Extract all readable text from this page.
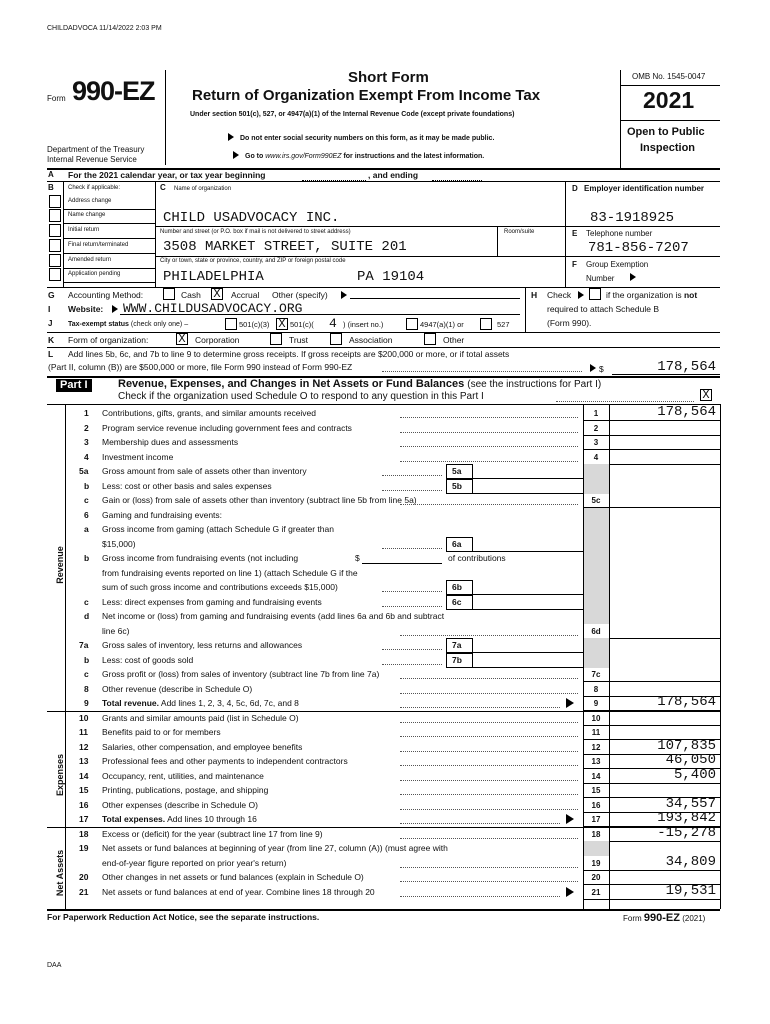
CHILDADVOCA 11/14/2022 2:03 PM
Form 990-EZ	Short Form
Return of Organization Exempt From Income Tax
Under section 501(c), 527, or 4947(a)(1) of the Internal Revenue Code (except private foundations)
Do not enter social security numbers on this form, as it may be made public.
Go to www.irs.gov/Form990EZ for instructions and the latest information.
Department of the Treasury
Internal Revenue Service
OMB No. 1545-0047
2021
Open to Public
Inspection
A For the 2021 calendar year, or tax year beginning	, and ending
B Check if applicable:
Address change
Name change
Initial return
Final return/terminated
Amended return
Application pending
C Name of organization
CHILD USADVOCACY INC.
Number and street (or P.O. box if mail is not delivered to street address)	Room/suite
3508 MARKET STREET, SUITE 201
City or town, state or province, country, and ZIP or foreign postal code
PHILADELPHIA	PA 19104
D Employer identification number
83-1918925
E Telephone number
781-856-7207
F Group Exemption
Number
G Accounting Method:	Cash X Accrual Other (specify)	H Check	if the organization is not
required to attach Schedule B
(Form 990).
I Website: WWW.CHILDUSADVOCACY.ORG
J Tax-exempt status (check only one) –	501(c)(3) X 501(c)( 4 ) (insert no.)	4947(a)(1) or	527
K Form of organization:	X Corporation	Trust	Association	Other
L Add lines 5b, 6c, and 7b to line 9 to determine gross receipts. If gross receipts are $200,000 or more, or if total assets
(Part II, column (B)) are $500,000 or more, file Form 990 instead of Form 990-EZ	$	178,564
Part I	Revenue, Expenses, and Changes in Net Assets or Fund Balances (see the instructions for Part I)
Check if the organization used Schedule O to respond to any question in this Part I	X
Revenue
Expenses
Net Assets
1 Contributions, gifts, grants, and similar amounts received	1	178,564
2 Program service revenue including government fees and contracts	2
3 Membership dues and assessments	3
4 Investment income	4
5a Gross amount from sale of assets other than inventory	5a
b Less: cost or other basis and sales expenses	5b
c Gain or (loss) from sale of assets other than inventory (subtract line 5b from line 5a)	5c
6 Gaming and fundraising events:
a Gross income from gaming (attach Schedule G if greater than
$15,000)	6a
b Gross income from fundraising events (not including	$	of contributions
from fundraising events reported on line 1) (attach Schedule G if the
sum of such gross income and contributions exceeds $15,000)	6b
c Less: direct expenses from gaming and fundraising events	6c
d Net income or (loss) from gaming and fundraising events (add lines 6a and 6b and subtract
line 6c)	6d
7a Gross sales of inventory, less returns and allowances	7a
b Less: cost of goods sold	7b
c Gross profit or (loss) from sales of inventory (subtract line 7b from line 7a)	7c
8 Other revenue (describe in Schedule O)	8
9 Total revenue. Add lines 1, 2, 3, 4, 5c, 6d, 7c, and 8	9	178,564
10 Grants and similar amounts paid (list in Schedule O)	10
11 Benefits paid to or for members	11
12 Salaries, other compensation, and employee benefits	12	107,835
13 Professional fees and other payments to independent contractors	13	46,050
14 Occupancy, rent, utilities, and maintenance	14	5,400
15 Printing, publications, postage, and shipping	15
16 Other expenses (describe in Schedule O)	16	34,557
17 Total expenses. Add lines 10 through 16	17	193,842
18 Excess or (deficit) for the year (subtract line 17 from line 9)	18	-15,278
19 Net assets or fund balances at beginning of year (from line 27, column (A)) (must agree with
end-of-year figure reported on prior year's return)	19	34,809
20 Other changes in net assets or fund balances (explain in Schedule O)	20
21 Net assets or fund balances at end of year. Combine lines 18 through 20	21	19,531
For Paperwork Reduction Act Notice, see the separate instructions.	Form 990-EZ (2021)
DAA
